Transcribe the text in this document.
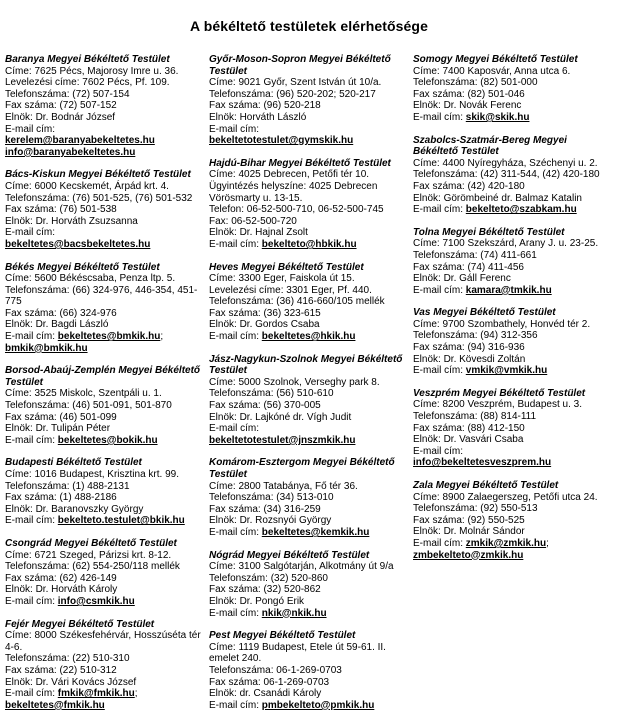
A békéltető testületek elérhetősége
Baranya Megyei Békéltető Testület
Címe: 7625 Pécs, Majorosy Imre u. 36.
Levelezési címe: 7602 Pécs, Pf. 109.
Telefonszáma: (72) 507-154
Fax száma: (72) 507-152
Elnök: Dr. Bodnár József
E-mail cím:
kerelem@baranyabekeltetes.hu
info@baranyabekeltetes.hu
Bács-Kiskun Megyei Békéltető Testület
Címe: 6000 Kecskemét, Árpád krt. 4.
Telefonszáma: (76) 501-525, (76) 501-532
Fax száma: (76) 501-538
Elnök: Dr. Horváth Zsuzsanna
E-mail cím:
bekeltetes@bacsbekeltetes.hu
Békés Megyei Békéltető Testület
Címe: 5600 Békéscsaba, Penza ltp. 5.
Telefonszáma: (66) 324-976, 446-354, 451-775
Fax száma: (66) 324-976
Elnök: Dr. Bagdi László
E-mail cím: bekeltetes@bmkik.hu; bmkik@bmkik.hu
Borsod-Abaúj-Zemplén Megyei Békéltető Testület
Címe: 3525 Miskolc, Szentpáli u. 1.
Telefonszáma: (46) 501-091, 501-870
Fax száma: (46) 501-099
Elnök: Dr. Tulipán Péter
E-mail cím: bekeltetes@bokik.hu
Budapesti Békéltető Testület
Címe: 1016 Budapest, Krisztina krt. 99.
Telefonszáma: (1) 488-2131
Fax száma: (1) 488-2186
Elnök: Dr. Baranovszky György
E-mail cím: bekelteto.testulet@bkik.hu
Csongrád Megyei Békéltető Testület
Címe: 6721 Szeged, Párizsi krt. 8-12.
Telefonszáma: (62) 554-250/118 mellék
Fax száma: (62) 426-149
Elnök: Dr. Horváth Károly
E-mail cím: info@csmkik.hu
Fejér Megyei Békéltető Testület
Címe: 8000 Székesfehérvár, Hosszúséta tér 4-6.
Telefonszáma: (22) 510-310
Fax száma: (22) 510-312
Elnök: Dr. Vári Kovács József
E-mail cím: fmkik@fmkik.hu; bekeltetes@fmkik.hu
Győr-Moson-Sopron Megyei Békéltető Testület
Címe: 9021 Győr, Szent István út 10/a.
Telefonszáma: (96) 520-202; 520-217
Fax száma: (96) 520-218
Elnök: Horváth László
E-mail cím:
bekeltetotestulet@gymskik.hu
Hajdú-Bihar Megyei Békéltető Testület
Címe: 4025 Debrecen, Petőfi tér 10.
Ügyintézés helyszíne: 4025 Debrecen Vörösmarty u. 13-15.
Telefon: 06-52-500-710, 06-52-500-745
Fax: 06-52-500-720
Elnök: Dr. Hajnal Zsolt
E-mail cím: bekelteto@hbkik.hu
Heves Megyei Békéltető Testület
Címe: 3300 Eger, Faiskola út 15.
Levelezési címe: 3301 Eger, Pf. 440.
Telefonszáma: (36) 416-660/105 mellék
Fax száma: (36) 323-615
Elnök: Dr. Gordos Csaba
E-mail cím: bekeltetes@hkik.hu
Jász-Nagykun-Szolnok Megyei Békéltető Testület
Címe: 5000 Szolnok, Verseghy park 8.
Telefonszáma: (56) 510-610
Fax száma: (56) 370-005
Elnök: Dr. Lajkóné dr. Vígh Judit
E-mail cím:
bekeltetotestulet@jnszmkik.hu
Komárom-Esztergom Megyei Békéltető Testület
Címe: 2800 Tatabánya, Fő tér 36.
Telefonszáma: (34) 513-010
Fax száma: (34) 316-259
Elnök: Dr. Rozsnyói György
E-mail cím: bekeltetes@kemkik.hu
Nógrád Megyei Békéltető Testület
Címe: 3100 Salgótarján, Alkotmány út 9/a
Telefonszám: (32) 520-860
Fax száma: (32) 520-862
Elnök: Dr. Pongó Erik
E-mail cím: nkik@nkik.hu
Pest Megyei Békéltető Testület
Címe: 1119 Budapest, Etele út 59-61. II. emelet 240.
Telefonszáma: 06-1-269-0703
Fax száma: 06-1-269-0703
Elnök: dr. Csanádi Károly
E-mail cím: pmbekelteto@pmkik.hu
Somogy Megyei Békéltető Testület
Címe: 7400 Kaposvár, Anna utca 6.
Telefonszáma: (82) 501-000
Fax száma: (82) 501-046
Elnök: Dr. Novák Ferenc
E-mail cím: skik@skik.hu
Szabolcs-Szatmár-Bereg Megyei Békéltető Testület
Címe: 4400 Nyíregyháza, Széchenyi u. 2.
Telefonszáma: (42) 311-544, (42) 420-180
Fax száma: (42) 420-180
Elnök: Görömbeiné dr. Balmaz Katalin
E-mail cím: bekelteto@szabkam.hu
Tolna Megyei Békéltető Testület
Címe: 7100 Szekszárd, Arany J. u. 23-25.
Telefonszáma: (74) 411-661
Fax száma: (74) 411-456
Elnök: Dr. Gáll Ferenc
E-mail cím: kamara@tmkik.hu
Vas Megyei Békéltető Testület
Címe: 9700 Szombathely, Honvéd tér 2.
Telefonszáma: (94) 312-356
Fax száma: (94) 316-936
Elnök: Dr. Kövesdi Zoltán
E-mail cím: vmkik@vmkik.hu
Veszprém Megyei Békéltető Testület
Címe: 8200 Veszprém, Budapest u. 3.
Telefonszáma: (88) 814-111
Fax száma: (88) 412-150
Elnök: Dr. Vasvári Csaba
E-mail cím:
info@bekeltetesveszprem.hu
Zala Megyei Békéltető Testület
Címe: 8900 Zalaegerszeg, Petőfi utca 24.
Telefonszáma: (92) 550-513
Fax száma: (92) 550-525
Elnök: Dr. Molnár Sándor
E-mail cím: zmkik@zmkik.hu; zmbekelteto@zmkik.hu
